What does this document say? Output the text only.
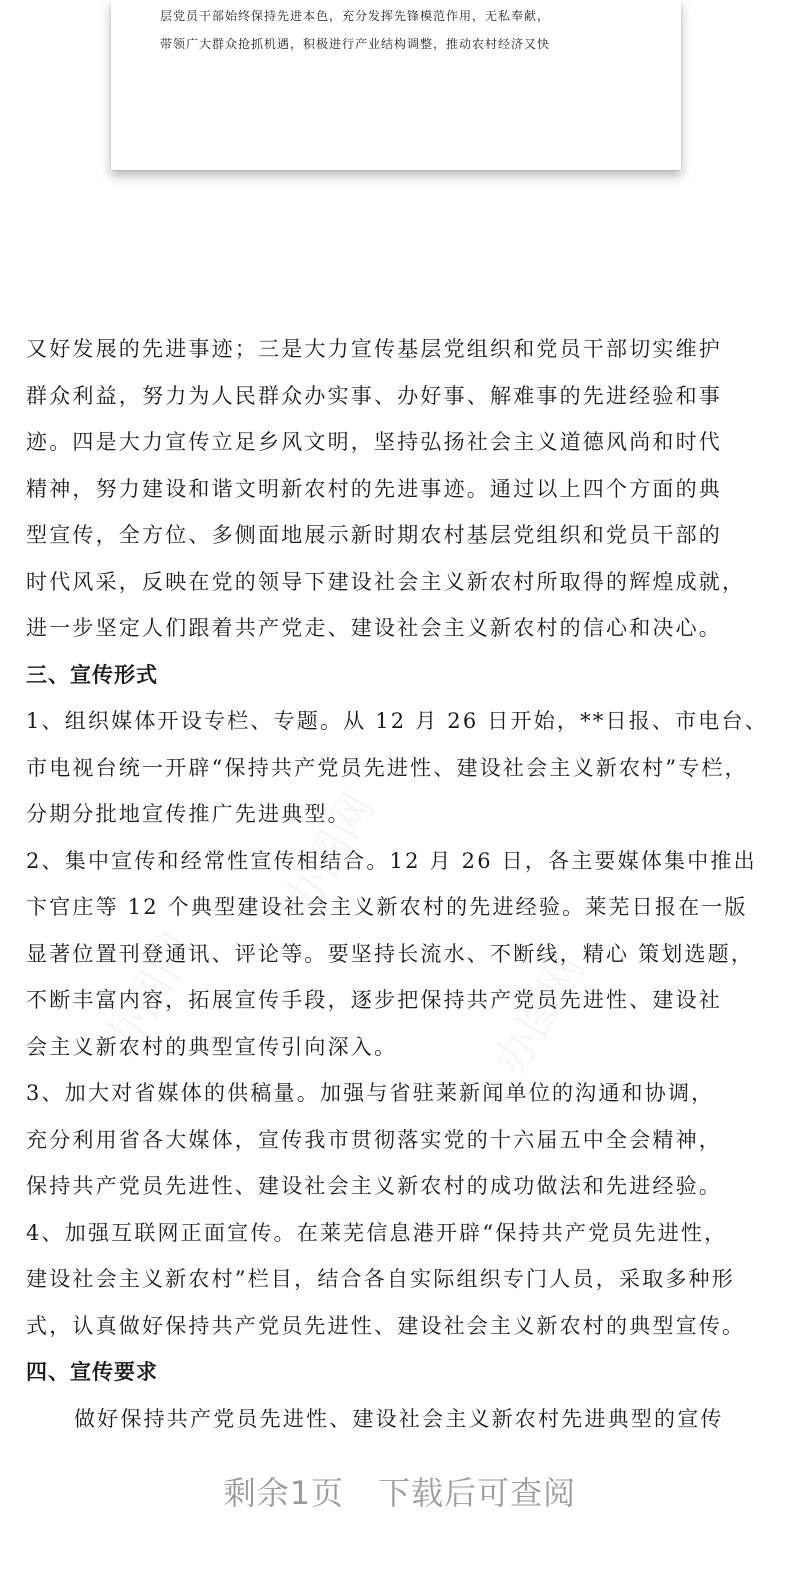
层党员干部始终保持先进本色，充分发挥先锋模范作用，无私奉献，
带领广大群众抢抓机遇，积极进行产业结构调整，推动农村经济又快
办图网
办图网
办图网
又好发展的先进事迹；三是大力宣传基层党组织和党员干部切实维护
群众利益，努力为人民群众办实事、办好事、解难事的先进经验和事
迹。四是大力宣传立足乡风文明，坚持弘扬社会主义道德风尚和时代
精神，努力建设和谐文明新农村的先进事迹。通过以上四个方面的典
型宣传，全方位、多侧面地展示新时期农村基层党组织和党员干部的
时代风采，反映在党的领导下建设社会主义新农村所取得的辉煌成就，
进一步坚定人们跟着共产党走、建设社会主义新农村的信心和决心。
三、宣传形式
1、组织媒体开设专栏、专题。从 12 月 26 日开始，**日报、市电台、
市电视台统一开辟“保持共产党员先进性、建设社会主义新农村”专栏，
分期分批地宣传推广先进典型。
2、集中宣传和经常性宣传相结合。12 月 26 日，各主要媒体集中推出
卞官庄等 12 个典型建设社会主义新农村的先进经验。莱芜日报在一版
显著位置刊登通讯、评论等。要坚持长流水、不断线，精心 策划选题，
不断丰富内容，拓展宣传手段，逐步把保持共产党员先进性、建设社
会主义新农村的典型宣传引向深入。
3、加大对省媒体的供稿量。加强与省驻莱新闻单位的沟通和协调，
充分利用省各大媒体，宣传我市贯彻落实党的十六届五中全会精神，
保持共产党员先进性、建设社会主义新农村的成功做法和先进经验。
4、加强互联网正面宣传。在莱芜信息港开辟“保持共产党员先进性，
建设社会主义新农村”栏目，结合各自实际组织专门人员，采取多种形
式，认真做好保持共产党员先进性、建设社会主义新农村的典型宣传。
四、宣传要求
做好保持共产党员先进性、建设社会主义新农村先进典型的宣传
剩余1页 下载后可查阅
